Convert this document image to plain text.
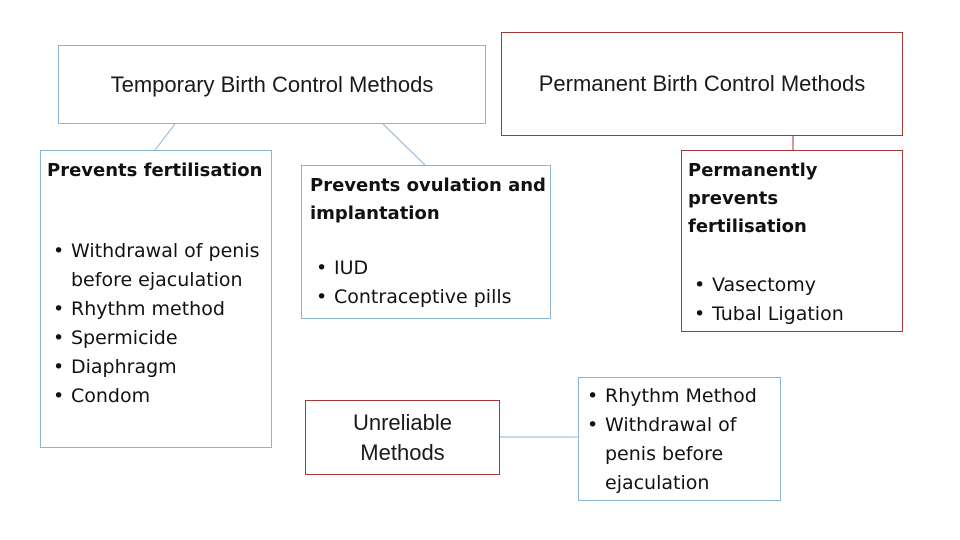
Temporary Birth Control Methods	Permanent Birth Control Methods
Prevents fertilisation
• Withdrawal of penis before ejaculation
• Rhythm method
• Spermicide
• Diaphragm
• Condom
Prevents ovulation and implantation
• IUD
• Contraceptive pills
Permanently prevents fertilisation
• Vasectomy
• Tubal Ligation
Unreliable Methods
• Rhythm Method
• Withdrawal of penis before ejaculation
